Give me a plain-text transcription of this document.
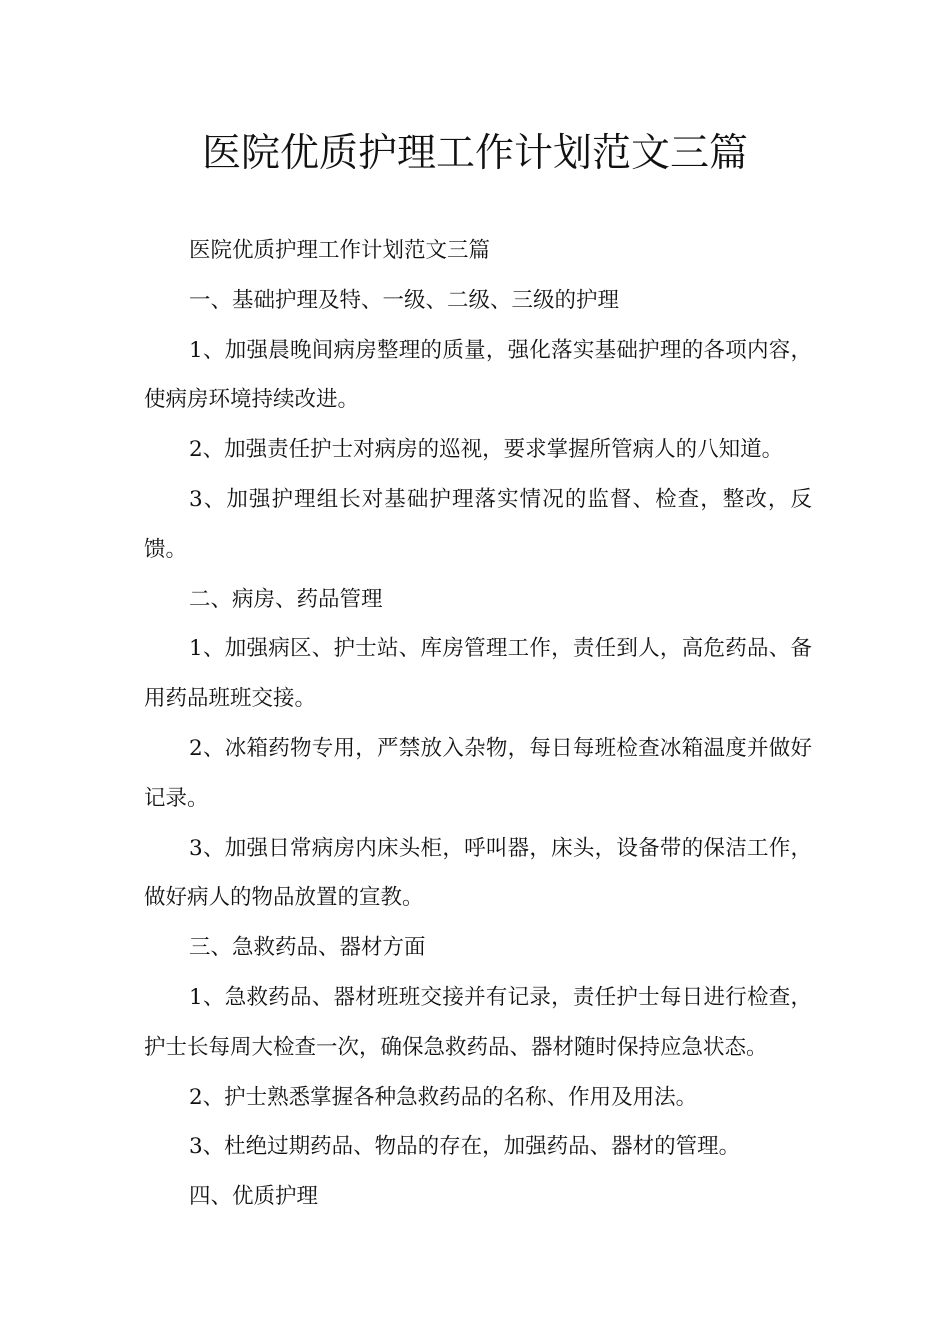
医院优质护理工作计划范文三篇

医院优质护理工作计划范文三篇

一、基础护理及特、一级、二级、三级的护理

1、加强晨晚间病房整理的质量，强化落实基础护理的各项内容，使病房环境持续改进。

2、加强责任护士对病房的巡视，要求掌握所管病人的八知道。

3、加强护理组长对基础护理落实情况的监督、检查，整改，反馈。

二、病房、药品管理

1、加强病区、护士站、库房管理工作，责任到人，高危药品、备用药品班班交接。

2、冰箱药物专用，严禁放入杂物，每日每班检查冰箱温度并做好记录。

3、加强日常病房内床头柜，呼叫器，床头，设备带的保洁工作，做好病人的物品放置的宣教。

三、急救药品、器材方面

1、急救药品、器材班班交接并有记录，责任护士每日进行检查，护士长每周大检查一次，确保急救药品、器材随时保持应急状态。

2、护士熟悉掌握各种急救药品的名称、作用及用法。

3、杜绝过期药品、物品的存在，加强药品、器材的管理。

四、优质护理
